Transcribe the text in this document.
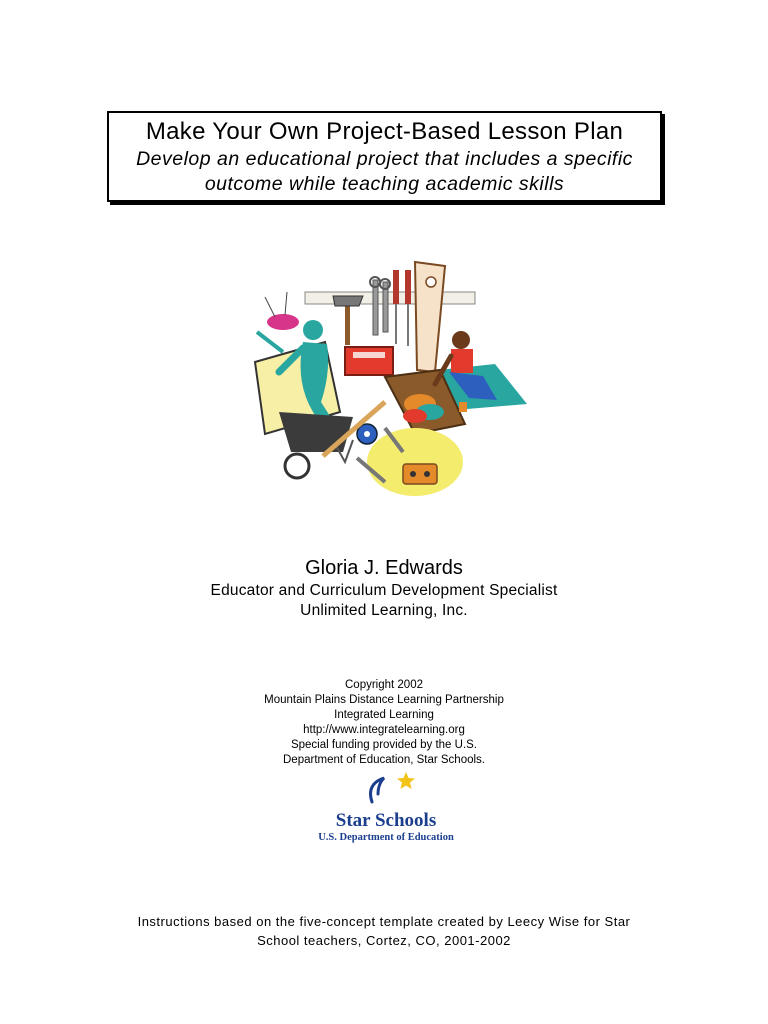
Make Your Own Project-Based Lesson Plan
Develop an educational project that includes a specific
outcome while teaching academic skills
Gloria J. Edwards
Educator and Curriculum Development Specialist
Unlimited Learning, Inc.
Copyright 2002
Mountain Plains Distance Learning Partnership
Integrated Learning
http://www.integratelearning.org
Special funding provided by the U.S.
Department of Education, Star Schools.
Star Schools
U.S. Department of Education
Instructions based on the five-concept template created by Leecy Wise for Star
School teachers, Cortez, CO, 2001-2002
